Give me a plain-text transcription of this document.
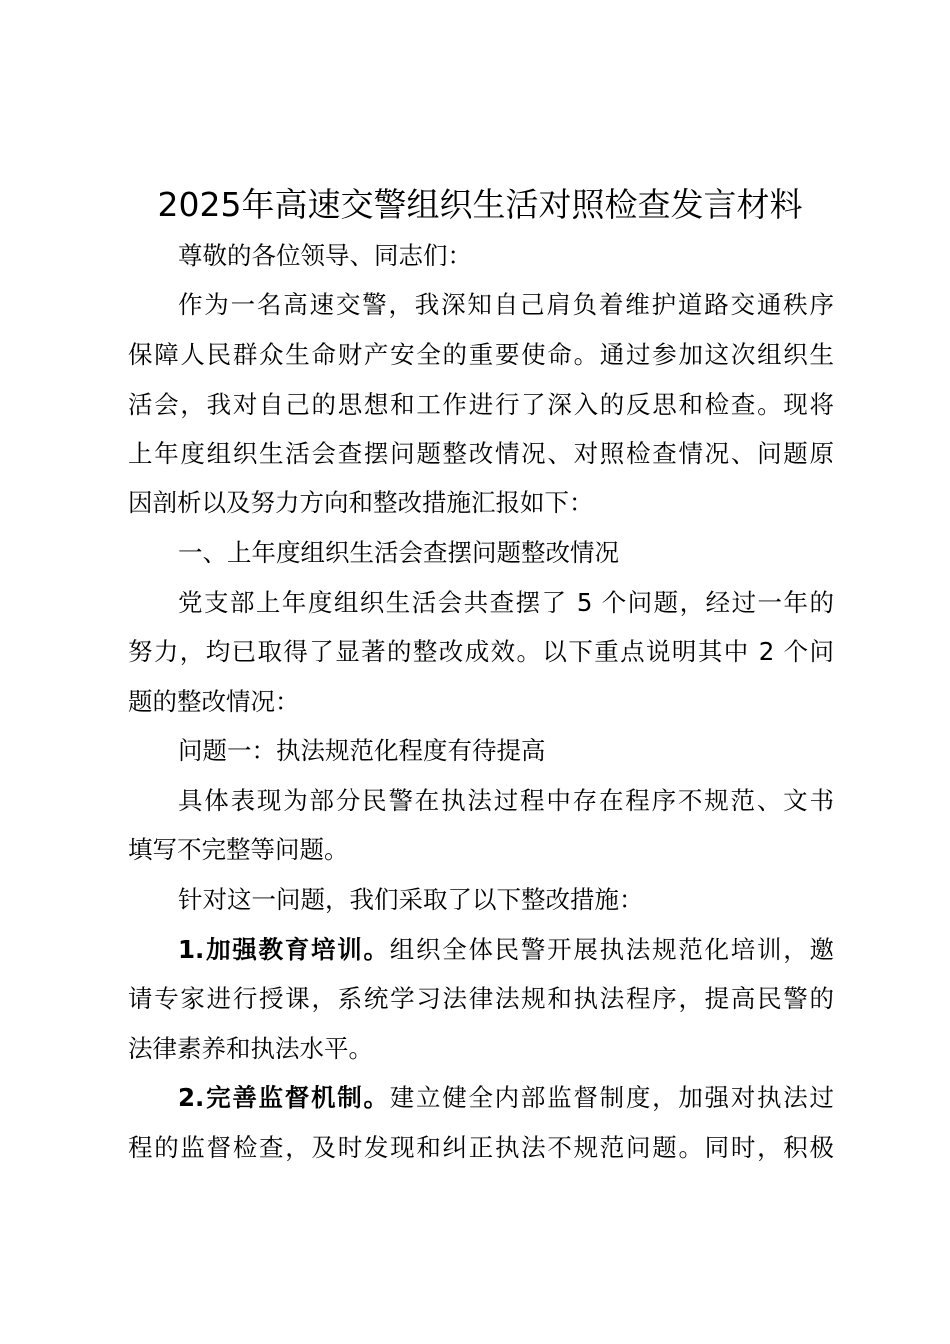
2025年高速交警组织生活对照检查发言材料
尊敬的各位领导、同志们：
作为一名高速交警，我深知自己肩负着维护道路交通秩序
保障人民群众生命财产安全的重要使命。通过参加这次组织生
活会，我对自己的思想和工作进行了深入的反思和检查。现将
上年度组织生活会查摆问题整改情况、对照检查情况、问题原
因剖析以及努力方向和整改措施汇报如下：
一、上年度组织生活会查摆问题整改情况
党支部上年度组织生活会共查摆了 5 个问题，经过一年的
努力，均已取得了显著的整改成效。以下重点说明其中 2 个问
题的整改情况：
问题一：执法规范化程度有待提高
具体表现为部分民警在执法过程中存在程序不规范、文书
填写不完整等问题。
针对这一问题，我们采取了以下整改措施：
1.加强教育培训。组织全体民警开展执法规范化培训，邀
请专家进行授课，系统学习法律法规和执法程序，提高民警的
法律素养和执法水平。
2.完善监督机制。建立健全内部监督制度，加强对执法过
程的监督检查，及时发现和纠正执法不规范问题。同时，积极
